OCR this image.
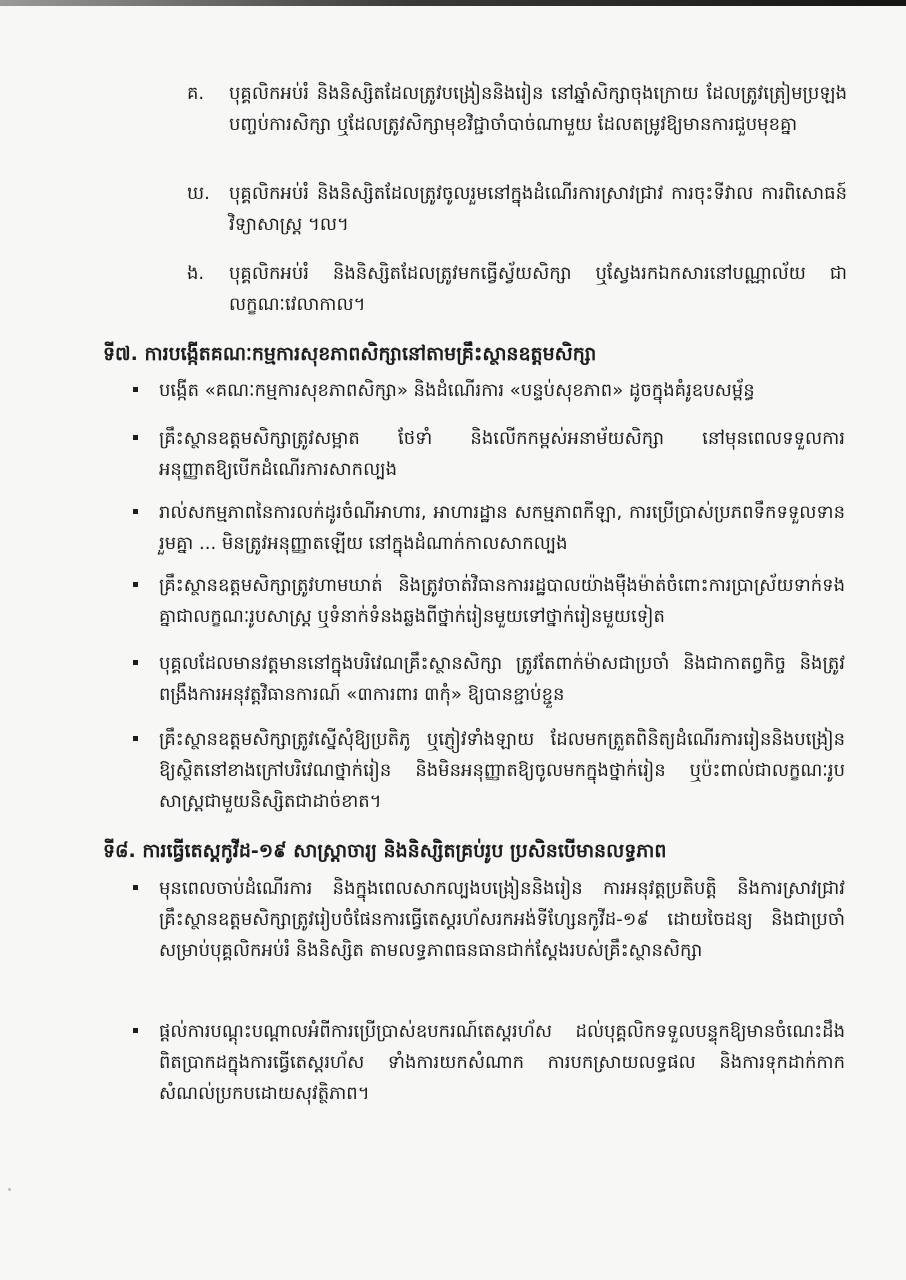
គ.	បុគ្គលិកអប់រំ និងនិស្សិតដែលត្រូវបង្រៀននិងរៀន នៅឆ្នាំសិក្សាចុងក្រោយ ដែលត្រូវត្រៀមប្រឡងបញ្ចប់ការសិក្សា ឬដែលត្រូវសិក្សាមុខវិជ្ជាចាំបាច់ណាមួយ ដែលតម្រូវឱ្យមានការជួបមុខគ្នា
ឃ.	បុគ្គលិកអប់រំ និងនិស្សិតដែលត្រូវចូលរួមនៅក្នុងដំណើរការស្រាវជ្រាវ ការចុះទីវាល ការពិសោធន៍វិទ្យាសាស្ត្រ ។ល។
ង.	បុគ្គលិកអប់រំ និងនិស្សិតដែលត្រូវមកធ្វើស្វ័យសិក្សា ឬស្វែងរកឯកសារនៅបណ្ណាល័យ ជាលក្ខណៈវេលាកាល។
ទី៧. ការបង្កើតគណៈកម្មការសុខភាពសិក្សានៅតាមគ្រឹះស្ថានឧត្តមសិក្សា
បង្កើត «គណៈកម្មការសុខភាពសិក្សា» និងដំណើរការ «បន្ទប់សុខភាព» ដូចក្នុងគំរូឧបសម្ព័ន្ធ
គ្រឹះស្ថានឧត្តមសិក្សាត្រូវសម្អាត ថែទាំ និងលើកកម្ពស់អនាម័យសិក្សា នៅមុនពេលទទួលការអនុញ្ញាតឱ្យបើកដំណើរការសាកល្បង
រាល់សកម្មភាពនៃការលក់ដូរចំណីអាហារ, អាហារដ្ឋាន សកម្មភាពកីឡា, ការប្រើប្រាស់ប្រភពទឹកទទួលទានរួមគ្នា ... មិនត្រូវអនុញ្ញាតឡើយ នៅក្នុងដំណាក់កាលសាកល្បង
គ្រឹះស្ថានឧត្តមសិក្សាត្រូវហាមឃាត់ និងត្រូវចាត់វិធានការរដ្ឋបាលយ៉ាងម៉ឺងម៉ាត់ចំពោះការប្រាស្រ័យទាក់ទងគ្នាជាលក្ខណៈរូបសាស្ត្រ ឬទំនាក់ទំនងឆ្លងពីថ្នាក់រៀនមួយទៅថ្នាក់រៀនមួយទៀត
បុគ្គលដែលមានវត្តមាននៅក្នុងបរិវេណគ្រឹះស្ថានសិក្សា ត្រូវតែពាក់ម៉ាសជាប្រចាំ និងជាកាតព្វកិច្ច និងត្រូវពង្រឹងការអនុវត្តវិធានការណ៍ «៣ការពារ ៣កុំ» ឱ្យបានខ្ជាប់ខ្ជួន
គ្រឹះស្ថានឧត្តមសិក្សាត្រូវស្នើសុំឱ្យប្រតិភូ ឬភ្ញៀវទាំងឡាយ ដែលមកត្រួតពិនិត្យដំណើរការរៀននិងបង្រៀន ឱ្យស្ថិតនៅខាងក្រៅបរិវេណថ្នាក់រៀន និងមិនអនុញ្ញាតឱ្យចូលមកក្នុងថ្នាក់រៀន ឬប៉ះពាល់ជាលក្ខណៈរូបសាស្ត្រជាមួយនិស្សិតជាដាច់ខាត។
ទី៨. ការធ្វើតេស្តកូវីដ-១៩ សាស្ត្រាចារ្យ និងនិស្សិតគ្រប់រូប ប្រសិនបើមានលទ្ធភាព
មុនពេលចាប់ដំណើរការ និងក្នុងពេលសាកល្បងបង្រៀននិងរៀន ការអនុវត្តប្រតិបត្តិ និងការស្រាវជ្រាវ គ្រឹះស្ថានឧត្តមសិក្សាត្រូវរៀបចំផែនការធ្វើតេស្តរហ័សរកអង់ទីហ្សែនកូវីដ-១៩ ដោយចៃដន្យ និងជាប្រចាំសម្រាប់បុគ្គលិកអប់រំ និងនិស្សិត តាមលទ្ធភាពធនធានជាក់ស្តែងរបស់គ្រឹះស្ថានសិក្សា
ផ្តល់ការបណ្តុះបណ្តាលអំពីការប្រើប្រាស់ឧបករណ៍តេស្តរហ័ស ដល់បុគ្គលិកទទួលបន្ទុកឱ្យមានចំណេះដឹងពិតប្រាកដក្នុងការធ្វើតេស្តរហ័ស ទាំងការយកសំណាក ការបកស្រាយលទ្ធផល និងការទុកដាក់កាកសំណល់ប្រកបដោយសុវត្ថិភាព។
